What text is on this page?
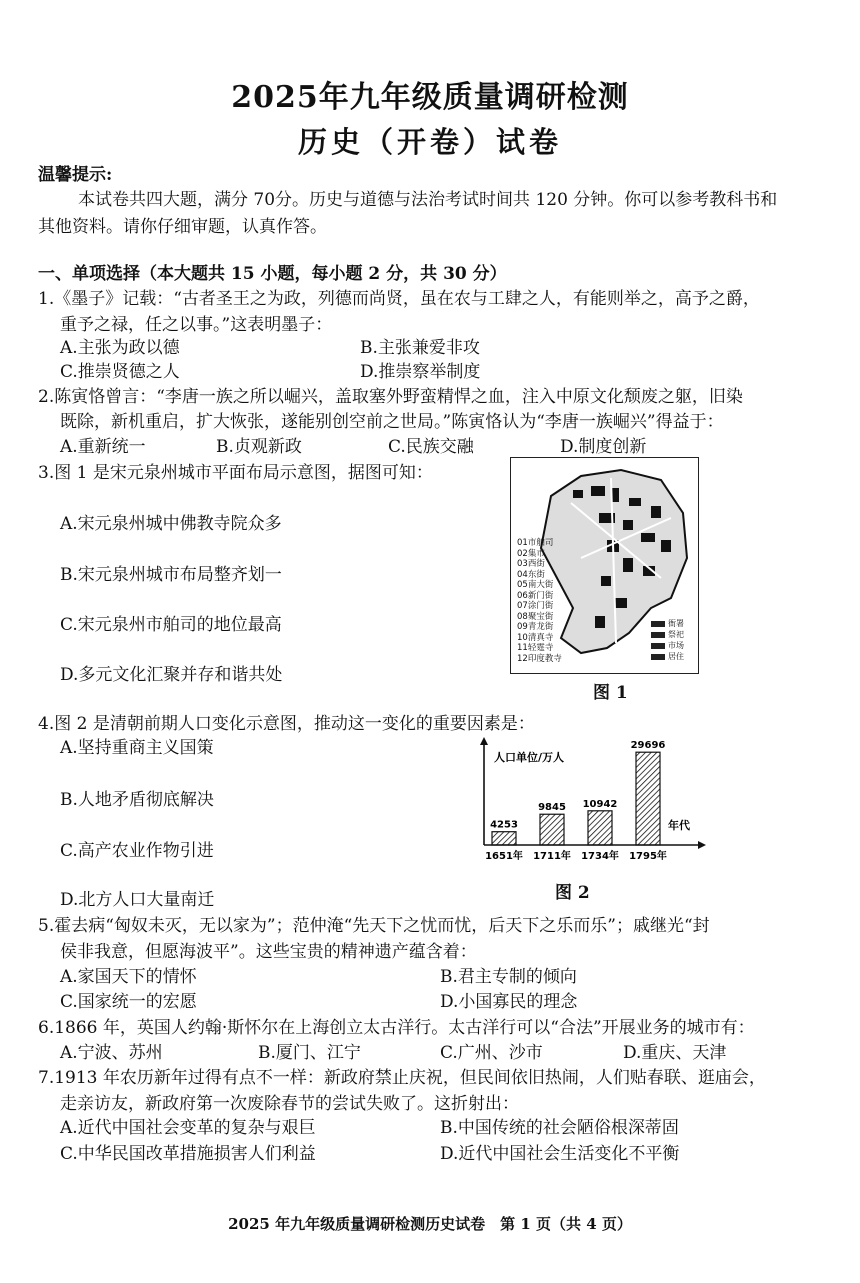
2025年九年级质量调研检测
历史（开卷）试卷
温馨提示:
本试卷共四大题，满分 70分。历史与道德与法治考试时间共 120 分钟。你可以参考教科书和
其他资料。请你仔细审题，认真作答。
一、单项选择（本大题共 15 小题，每小题 2 分，共 30 分）
1.《墨子》记载：“古者圣王之为政，列德而尚贤，虽在农与工肆之人，有能则举之，高予之爵，
重予之禄，任之以事。”这表明墨子：
A.主张为政以德	B.主张兼爱非攻
C.推崇贤德之人	D.推崇察举制度
2.陈寅恪曾言：“李唐一族之所以崛兴，盖取塞外野蛮精悍之血，注入中原文化颓废之躯，旧染
既除，新机重启，扩大恢张，遂能别创空前之世局。”陈寅恪认为“李唐一族崛兴”得益于：
A.重新统一	B.贞观新政	C.民族交融	D.制度创新
3.图 1 是宋元泉州城市平面布局示意图，据图可知：
A.宋元泉州城中佛教寺院众多
B.宋元泉州城市布局整齐划一
C.宋元泉州市舶司的地位最高
D.多元文化汇聚并存和谐共处
01市舶司
02集市
03西街
04东街
05南大街
06新门街
07涂门街
08聚宝街
09青龙街
10清真寺
11轻霆寺
12印度教寺
衙署
祭祀
市场
居住
图 1
4.图 2 是清朝前期人口变化示意图，推动这一变化的重要因素是：
A.坚持重商主义国策
B.人地矛盾彻底解决
C.高产农业作物引进
D.北方人口大量南迁
人口单位/万人
年代
4253
1651年
9845
1711年
10942
1734年
29696
1795年
图 2
5.霍去病“匈奴未灭，无以家为”；范仲淹“先天下之忧而忧，后天下之乐而乐”；戚继光“封
侯非我意，但愿海波平”。这些宝贵的精神遗产蕴含着：
A.家国天下的情怀	B.君主专制的倾向
C.国家统一的宏愿	D.小国寡民的理念
6.1866 年，英国人约翰·斯怀尔在上海创立太古洋行。太古洋行可以“合法”开展业务的城市有：
A.宁波、苏州	B.厦门、江宁	C.广州、沙市	D.重庆、天津
7.1913 年农历新年过得有点不一样：新政府禁止庆祝，但民间依旧热闹，人们贴春联、逛庙会，
走亲访友，新政府第一次废除春节的尝试失败了。这折射出：
A.近代中国社会变革的复杂与艰巨	B.中国传统的社会陋俗根深蒂固
C.中华民国改革措施损害人们利益	D.近代中国社会生活变化不平衡
2025 年九年级质量调研检测历史试卷　第 1 页（共 4 页）
